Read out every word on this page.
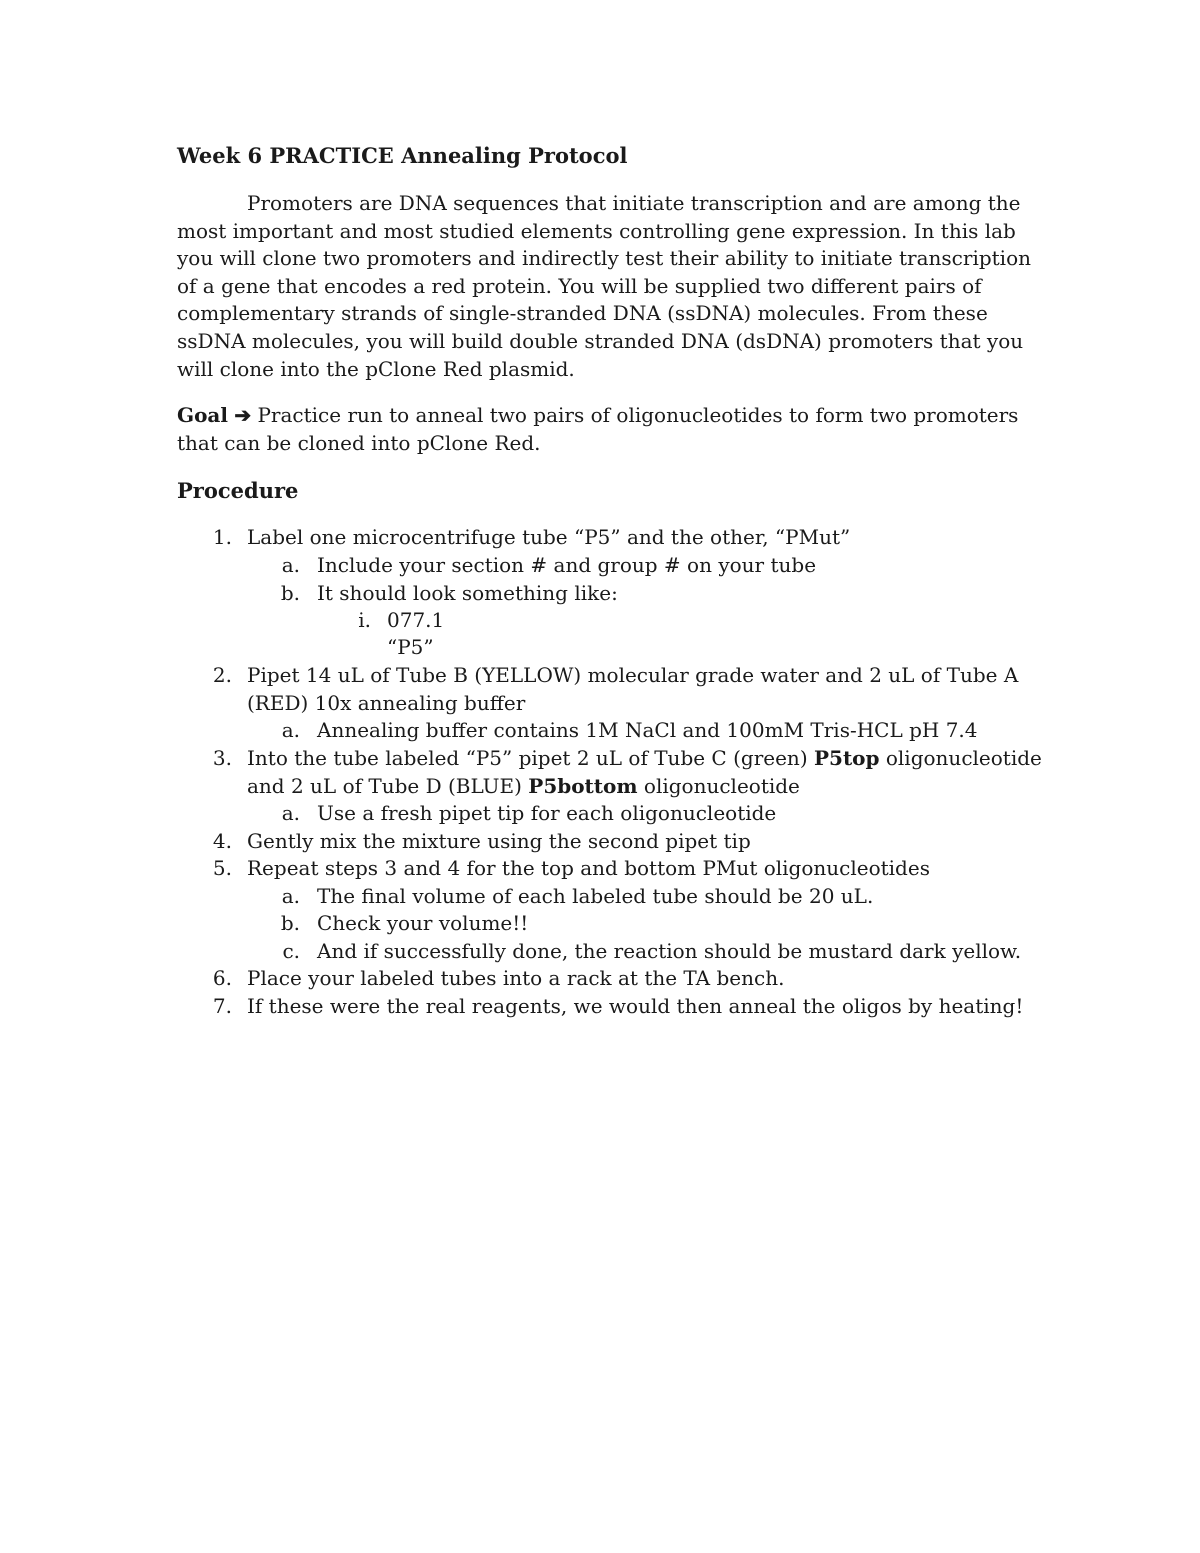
Week 6 PRACTICE Annealing Protocol
Promoters are DNA sequences that initiate transcription and are among the
most important and most studied elements controlling gene expression. In this lab
you will clone two promoters and indirectly test their ability to initiate transcription
of a gene that encodes a red protein. You will be supplied two different pairs of
complementary strands of single-stranded DNA (ssDNA) molecules. From these
ssDNA molecules, you will build double stranded DNA (dsDNA) promoters that you
will clone into the pClone Red plasmid.
Goal ➔ Practice run to anneal two pairs of oligonucleotides to form two promoters
that can be cloned into pClone Red.
Procedure
1. Label one microcentrifuge tube “P5” and the other, “PMut”
a. Include your section # and group # on your tube
b. It should look something like:
i. 077.1
“P5”
2. Pipet 14 uL of Tube B (YELLOW) molecular grade water and 2 uL of Tube A
(RED) 10x annealing buffer
a. Annealing buffer contains 1M NaCl and 100mM Tris-HCL pH 7.4
3. Into the tube labeled “P5” pipet 2 uL of Tube C (green) P5top oligonucleotide
and 2 uL of Tube D (BLUE) P5bottom oligonucleotide
a. Use a fresh pipet tip for each oligonucleotide
4. Gently mix the mixture using the second pipet tip
5. Repeat steps 3 and 4 for the top and bottom PMut oligonucleotides
a. The final volume of each labeled tube should be 20 uL.
b. Check your volume!!
c. And if successfully done, the reaction should be mustard dark yellow.
6. Place your labeled tubes into a rack at the TA bench.
7. If these were the real reagents, we would then anneal the oligos by heating!
